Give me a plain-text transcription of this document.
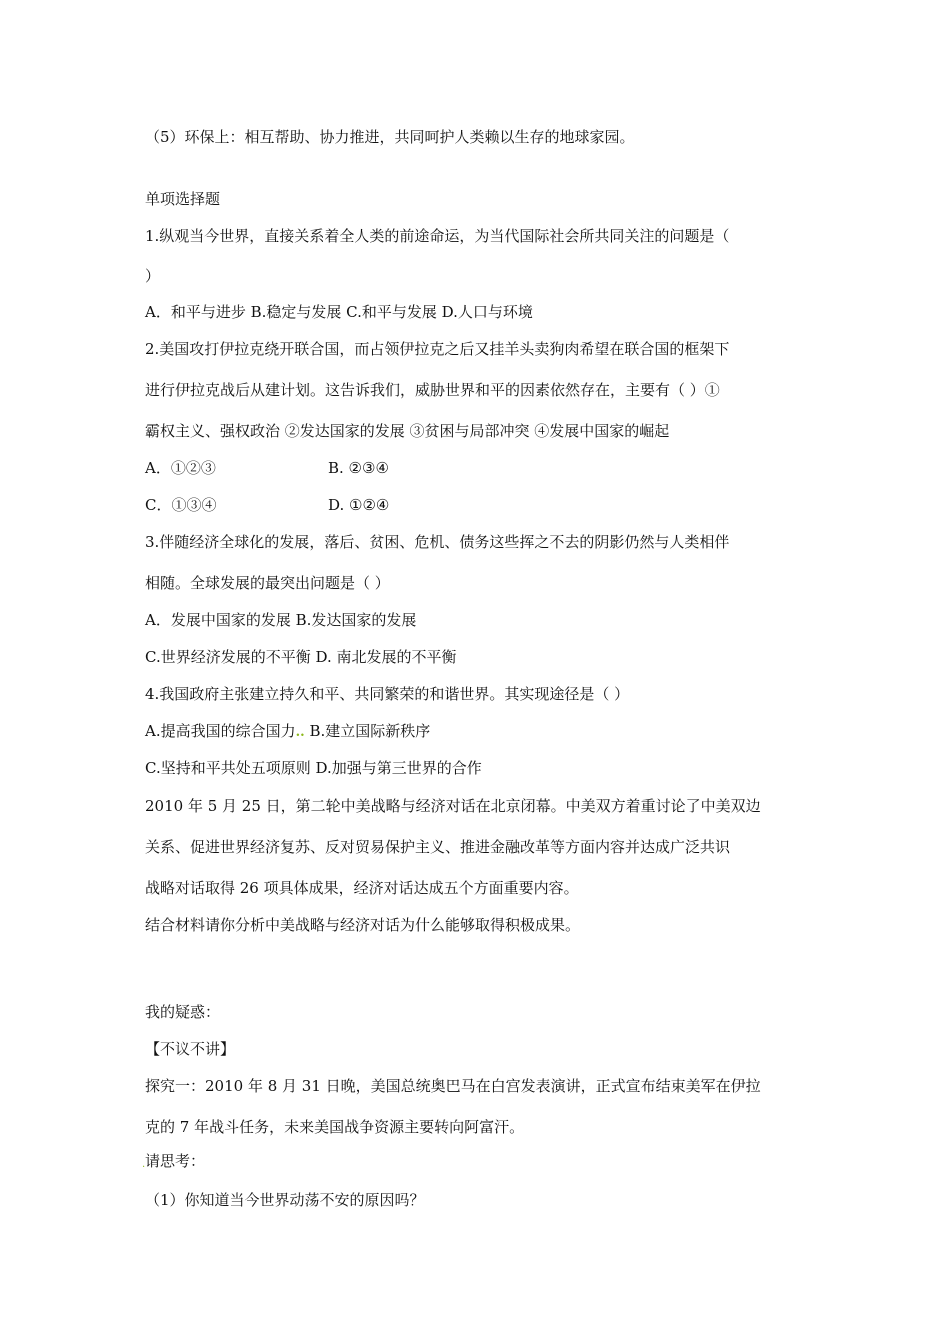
（5）环保上：相互帮助、协力推进，共同呵护人类赖以生存的地球家园。
单项选择题
1.纵观当今世界，直接关系着全人类的前途命运，为当代国际社会所共同关注的问题是（
）
A．和平与进步 B.稳定与发展 C.和平与发展 D.人口与环境
2.美国攻打伊拉克绕开联合国，而占领伊拉克之后又挂羊头卖狗肉希望在联合国的框架下
进行伊拉克战后从建计划。这告诉我们，威胁世界和平的因素依然存在，主要有（ ）①
霸权主义、强权政治 ②发达国家的发展 ③贫困与局部冲突 ④发展中国家的崛起
A．①②③	B. ②③④
C．①③④	D. ①②④
3.伴随经济全球化的发展，落后、贫困、危机、债务这些挥之不去的阴影仍然与人类相伴
相随。全球发展的最突出问题是（ ）
A．发展中国家的发展 B.发达国家的发展
C.世界经济发展的不平衡 D. 南北发展的不平衡
4.我国政府主张建立持久和平、共同繁荣的和谐世界。其实现途径是（ ）
A.提高我国的综合国力.. B.建立国际新秩序
C.坚持和平共处五项原则 D.加强与第三世界的合作
2010 年 5 月 25 日，第二轮中美战略与经济对话在北京闭幕。中美双方着重讨论了中美双边
关系、促进世界经济复苏、反对贸易保护主义、推进金融改革等方面内容并达成广泛共识
战略对话取得 26 项具体成果，经济对话达成五个方面重要内容。
结合材料请你分析中美战略与经济对话为什么能够取得积极成果。
我的疑惑：
【不议不讲】
探究一：2010 年 8 月 31 日晚，美国总统奥巴马在白宫发表演讲，正式宣布结束美军在伊拉
克的 7 年战斗任务，未来美国战争资源主要转向阿富汗。
请思考：
.
（1）你知道当今世界动荡不安的原因吗？
